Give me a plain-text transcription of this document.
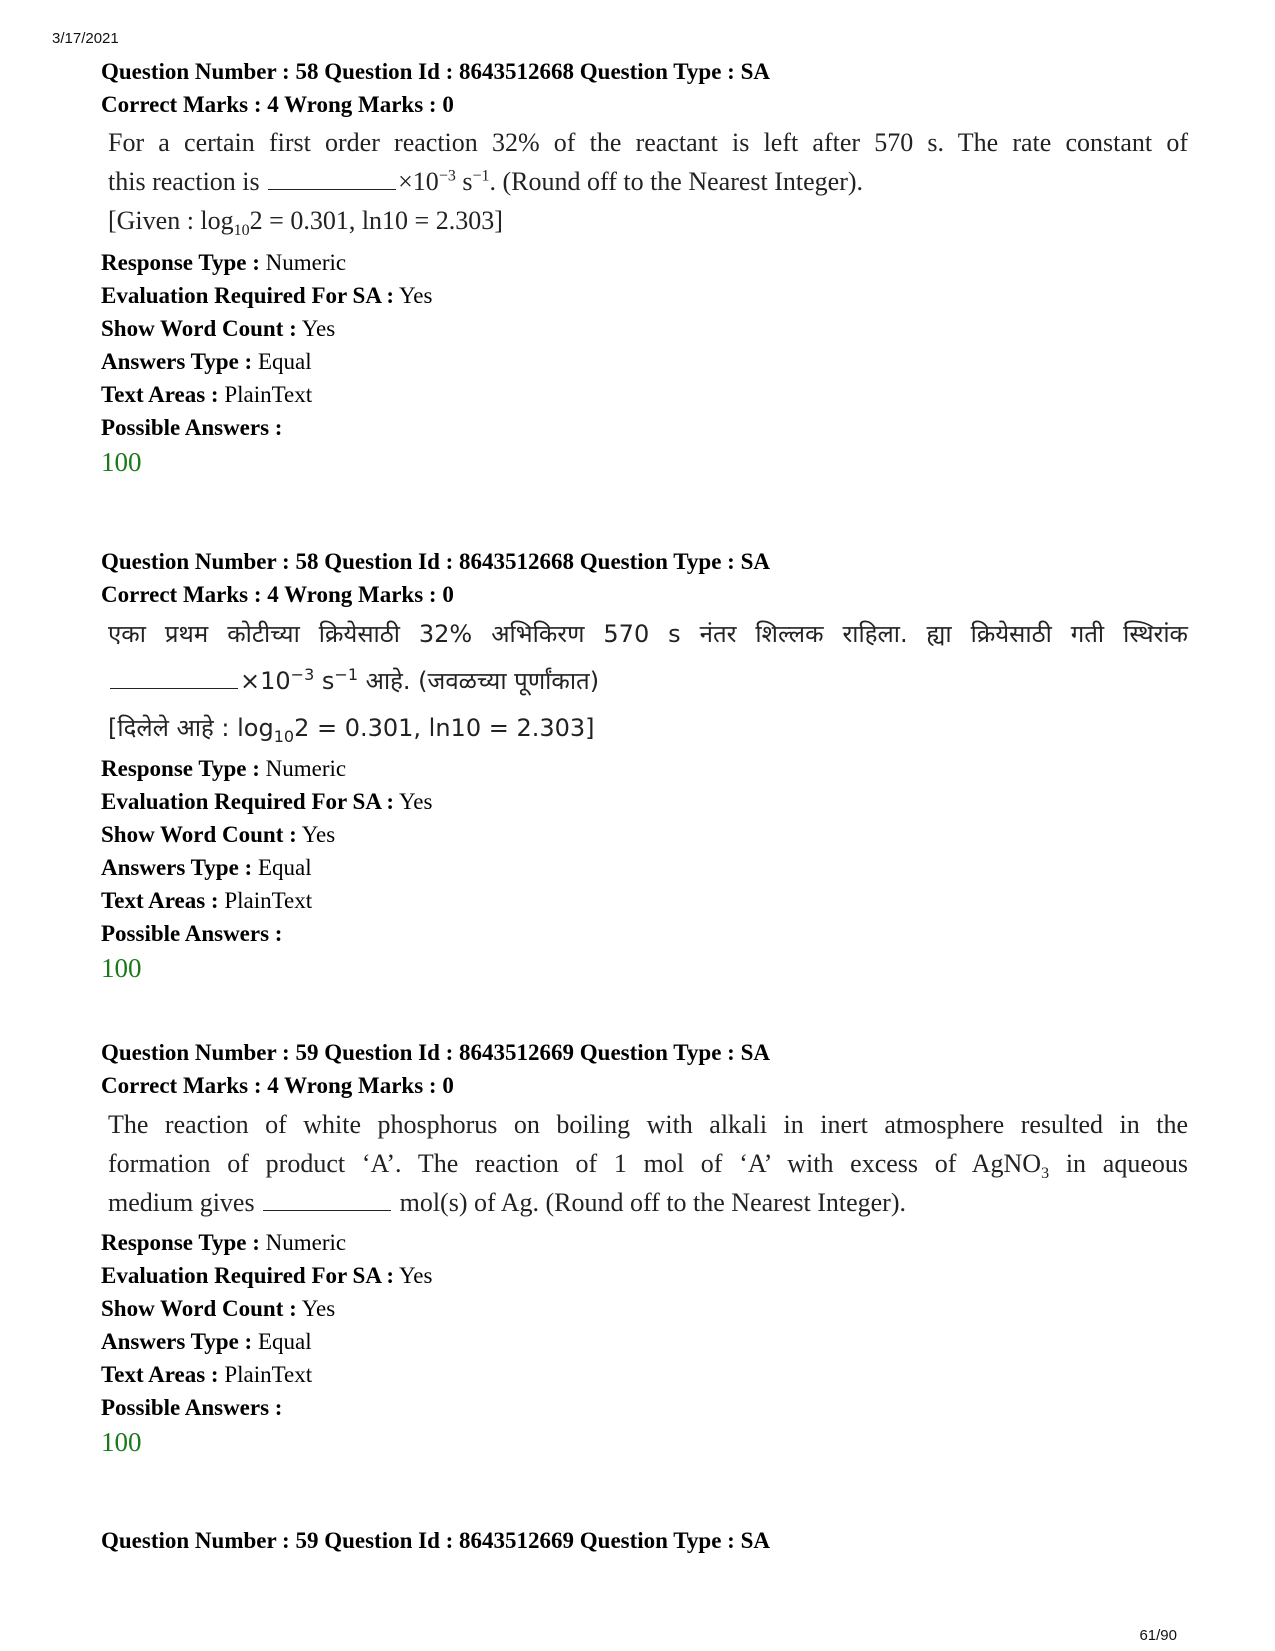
3/17/2021
Question Number : 58 Question Id : 8643512668 Question Type : SA
Correct Marks : 4 Wrong Marks : 0
For a certain first order reaction 32% of the reactant is left after 570 s. The rate constant of
this reaction is	$\times 10^{-3}$ $s^{-1}$. (Round off to the Nearest Integer).
[Given : $\log_{10}2 = 0.301$, ln10 = 2.303]
Response Type : Numeric
Evaluation Required For SA : Yes
Show Word Count : Yes
Answers Type : Equal
Text Areas : PlainText
Possible Answers :
100
Question Number : 58 Question Id : 8643512668 Question Type : SA
Correct Marks : 4 Wrong Marks : 0
एका प्रथम कोटीच्या क्रियेसाठी 32% अभिकिरण 570 s नंतर शिल्लक राहिला. ह्या क्रियेसाठी गती स्थिरांक
$\times 10^{-3}$ $s^{-1}$ आहे. (जवळच्या पूर्णांकात)
[दिलेले आहे : $\log_{10}2 = 0.301$, ln10 = 2.303]
Response Type : Numeric
Evaluation Required For SA : Yes
Show Word Count : Yes
Answers Type : Equal
Text Areas : PlainText
Possible Answers :
100
Question Number : 59 Question Id : 8643512669 Question Type : SA
Correct Marks : 4 Wrong Marks : 0
The reaction of white phosphorus on boiling with alkali in inert atmosphere resulted in the
formation of product ‘A’. The reaction of 1 mol of ‘A’ with excess of AgNO$_3$ in aqueous
medium gives	mol(s) of Ag. (Round off to the Nearest Integer).
Response Type : Numeric
Evaluation Required For SA : Yes
Show Word Count : Yes
Answers Type : Equal
Text Areas : PlainText
Possible Answers :
100
Question Number : 59 Question Id : 8643512669 Question Type : SA
61/90
